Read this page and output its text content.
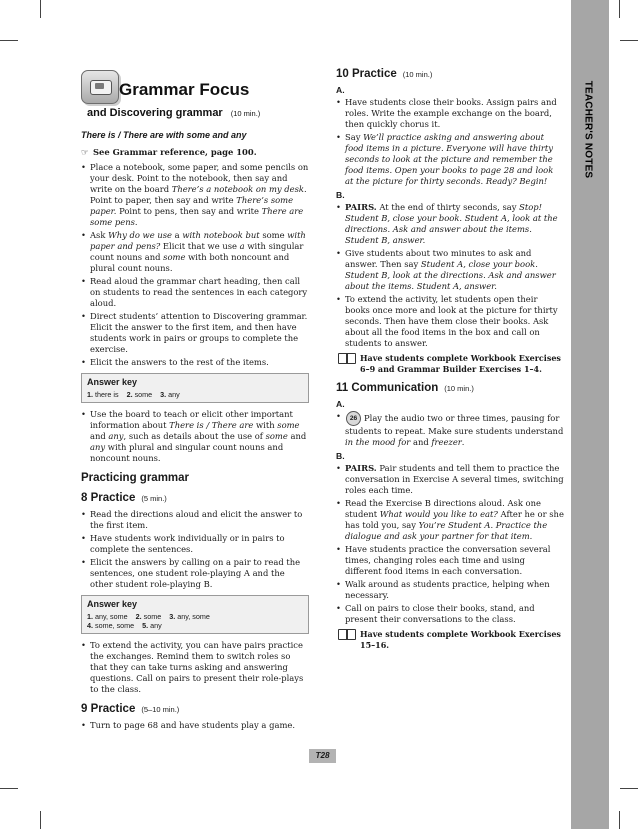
TEACHER'S NOTES
Grammar Focus
and Discovering grammar (10 min.)
There is / There are with some and any
☞ See Grammar reference, page 100.
• Place a notebook, some paper, and some pencils on your desk. Point to the notebook, then say and write on the board There’s a notebook on my desk. Point to paper, then say and write There’s some paper. Point to pens, then say and write There are some pens.
• Ask Why do we use a with notebook but some with paper and pens? Elicit that we use a with singular count nouns and some with both noncount and plural count nouns.
• Read aloud the grammar chart heading, then call on students to read the sentences in each category aloud.
• Direct students’ attention to Discovering grammar. Elicit the answer to the first item, and then have students work in pairs or groups to complete the exercise.
• Elicit the answers to the rest of the items.
Answer key
1. there is 2. some 3. any
• Use the board to teach or elicit other important information about There is / There are with some and any, such as details about the use of some and any with plural and singular count nouns and noncount nouns.
Practicing grammar
8 Practice (5 min.)
• Read the directions aloud and elicit the answer to the first item.
• Have students work individually or in pairs to complete the sentences.
• Elicit the answers by calling on a pair to read the sentences, one student role-playing A and the other student role-playing B.
Answer key
1. any, some 2. some 3. any, some
4. some, some 5. any
• To extend the activity, you can have pairs practice the exchanges. Remind them to switch roles so that they can take turns asking and answering questions. Call on pairs to present their role-plays to the class.
9 Practice (5–10 min.)
• Turn to page 68 and have students play a game.
10 Practice (10 min.)
A.
• Have students close their books. Assign pairs and roles. Write the example exchange on the board, then quickly chorus it.
• Say We’ll practice asking and answering about food items in a picture. Everyone will have thirty seconds to look at the picture and remember the food items. Open your books to page 28 and look at the picture for thirty seconds. Ready? Begin!
B.
• PAIRS. At the end of thirty seconds, say Stop! Student B, close your book. Student A, look at the directions. Ask and answer about the items. Student B, answer.
• Give students about two minutes to ask and answer. Then say Student A, close your book. Student B, look at the directions. Ask and answer about the items. Student A, answer.
• To extend the activity, let students open their books once more and look at the picture for thirty seconds. Then have them close their books. Ask about all the food items in the box and call on students to answer.
Have students complete Workbook Exercises 6–9 and Grammar Builder Exercises 1–4.
11 Communication (10 min.)
A.
• 26 Play the audio two or three times, pausing for students to repeat. Make sure students understand in the mood for and freezer.
B.
• PAIRS. Pair students and tell them to practice the conversation in Exercise A several times, switching roles each time.
• Read the Exercise B directions aloud. Ask one student What would you like to eat? After he or she has told you, say You’re Student A. Practice the dialogue and ask your partner for that item.
• Have students practice the conversation several times, changing roles each time and using different food items in each conversation.
• Walk around as students practice, helping when necessary.
• Call on pairs to close their books, stand, and present their conversations to the class.
Have students complete Workbook Exercises 15–16.
T28
